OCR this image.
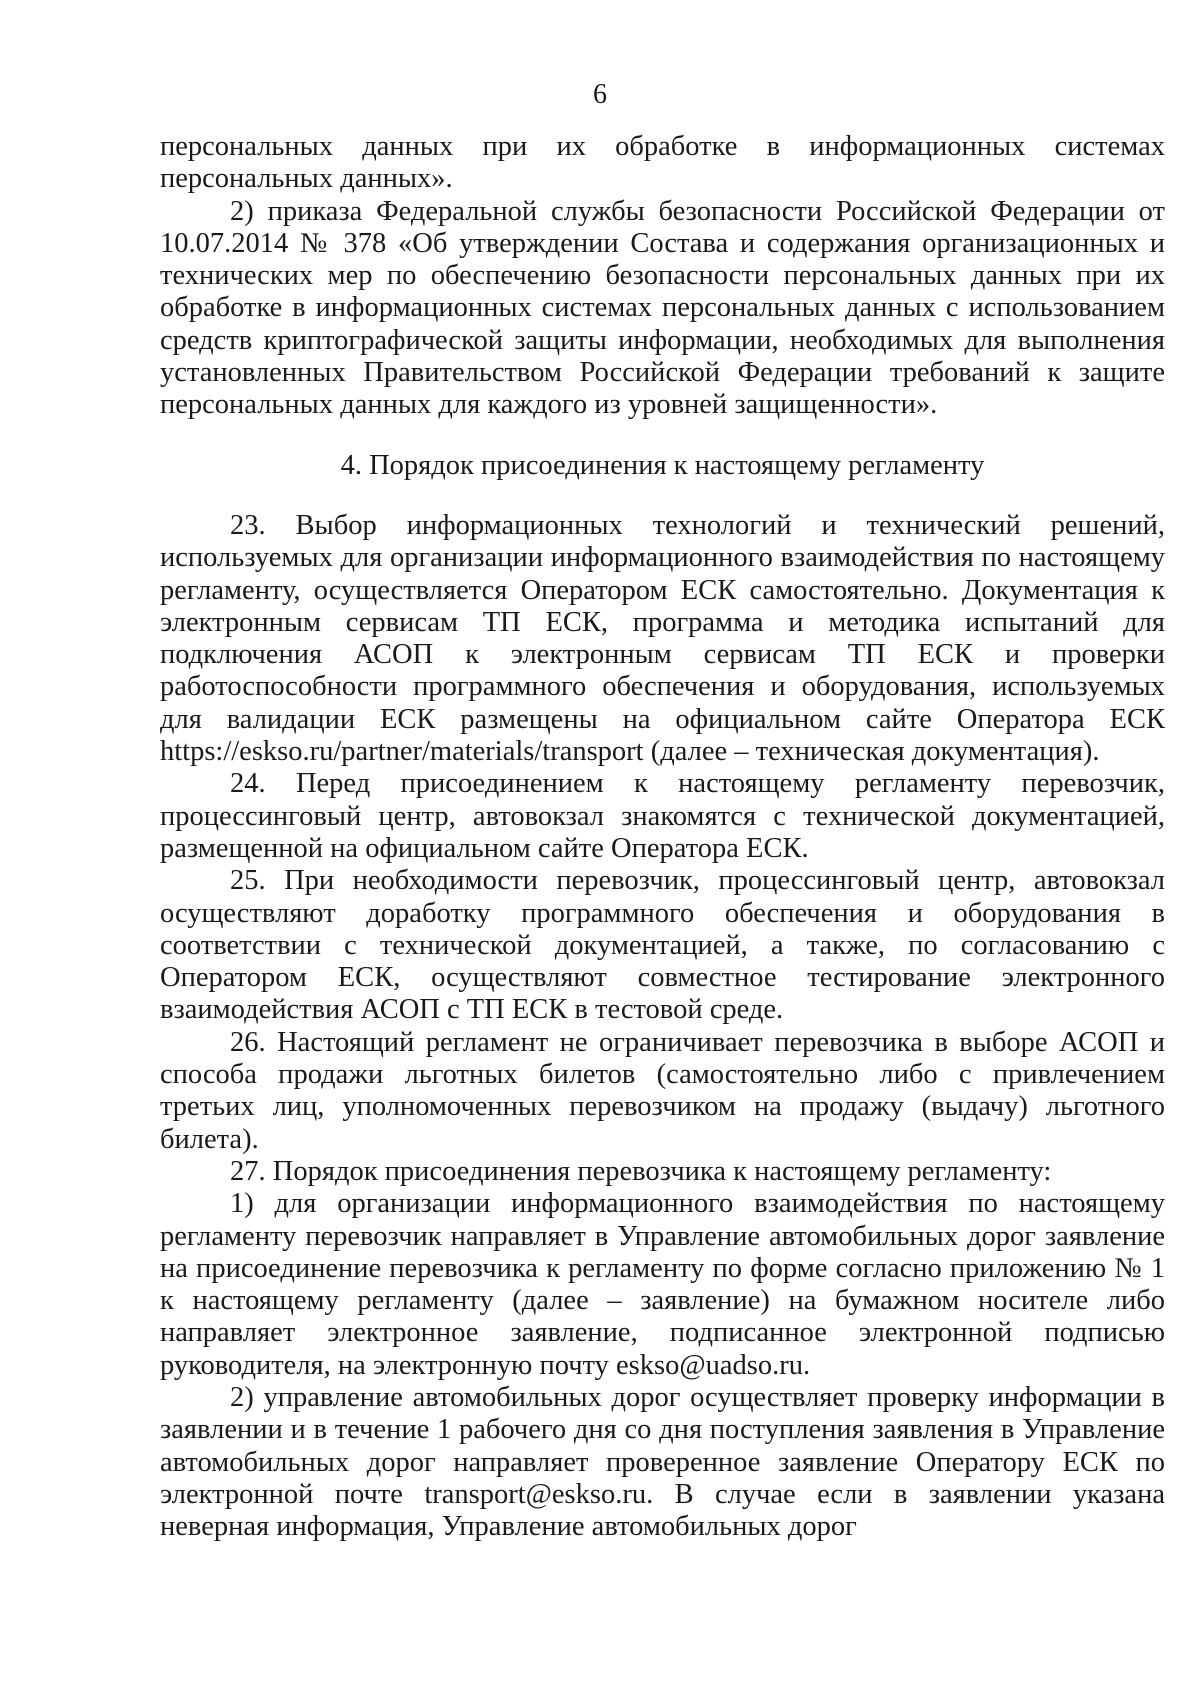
6

персональных данных при их обработке в информационных системах персональных данных».

2) приказа Федеральной службы безопасности Российской Федерации от 10.07.2014 № 378 «Об утверждении Состава и содержания организационных и технических мер по обеспечению безопасности персональных данных при их обработке в информационных системах персональных данных с использованием средств криптографической защиты информации, необходимых для выполнения установленных Правительством Российской Федерации требований к защите персональных данных для каждого из уровней защищенности».

4. Порядок присоединения к настоящему регламенту

23. Выбор информационных технологий и технический решений, используемых для организации информационного взаимодействия по настоящему регламенту, осуществляется Оператором ЕСК самостоятельно. Документация к электронным сервисам ТП ЕСК, программа и методика испытаний для подключения АСОП к электронным сервисам ТП ЕСК и проверки работоспособности программного обеспечения и оборудования, используемых для валидации ЕСК размещены на официальном сайте Оператора ЕСК https://eskso.ru/partner/materials/transport (далее – техническая документация).

24. Перед присоединением к настоящему регламенту перевозчик, процессинговый центр, автовокзал знакомятся с технической документацией, размещенной на официальном сайте Оператора ЕСК.

25. При необходимости перевозчик, процессинговый центр, автовокзал осуществляют доработку программного обеспечения и оборудования в соответствии с технической документацией, а также, по согласованию с Оператором ЕСК, осуществляют совместное тестирование электронного взаимодействия АСОП с ТП ЕСК в тестовой среде.

26. Настоящий регламент не ограничивает перевозчика в выборе АСОП и способа продажи льготных билетов (самостоятельно либо с привлечением третьих лиц, уполномоченных перевозчиком на продажу (выдачу) льготного билета).

27. Порядок присоединения перевозчика к настоящему регламенту:

1) для организации информационного взаимодействия по настоящему регламенту перевозчик направляет в Управление автомобильных дорог заявление на присоединение перевозчика к регламенту по форме согласно приложению № 1 к настоящему регламенту (далее – заявление) на бумажном носителе либо направляет электронное заявление, подписанное электронной подписью руководителя, на электронную почту eskso@uadso.ru.

2) управление автомобильных дорог осуществляет проверку информации в заявлении и в течение 1 рабочего дня со дня поступления заявления в Управление автомобильных дорог направляет проверенное заявление Оператору ЕСК по электронной почте transport@eskso.ru. В случае если в заявлении указана неверная информация, Управление автомобильных дорог
